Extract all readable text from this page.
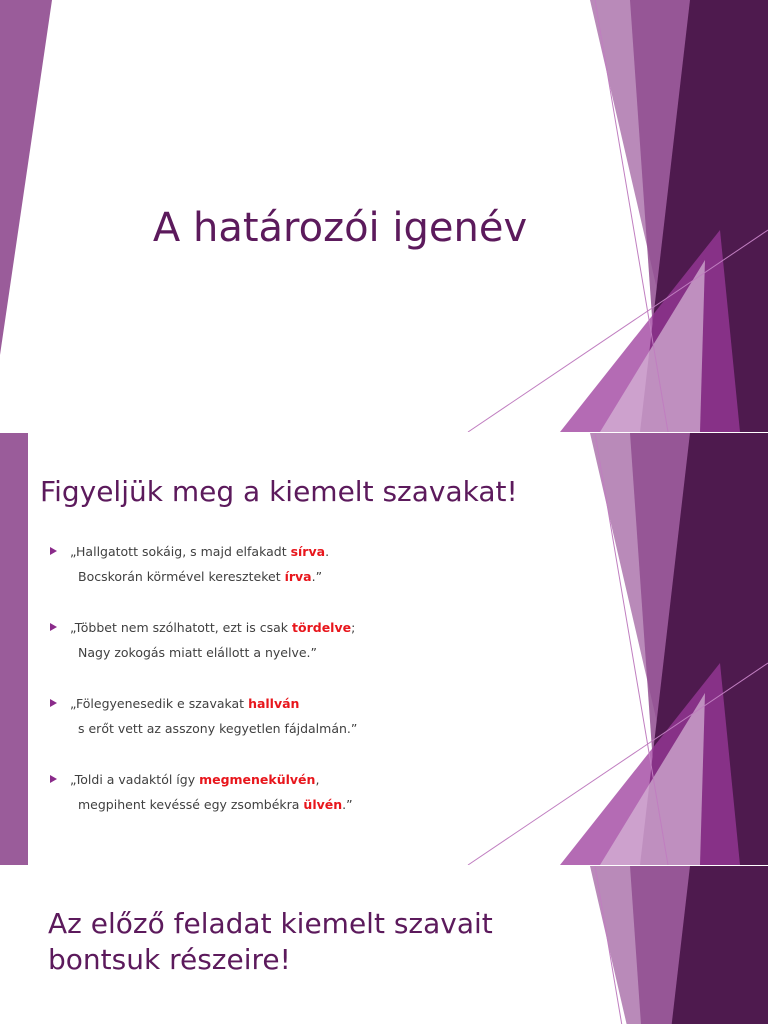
A határozói igenév
Figyeljük meg a kiemelt szavakat!
„Hallgatott sokáig, s majd elfakadt sírva.
Bocskorán körmével kereszteket írva.”
„Többet nem szólhatott, ezt is csak tördelve;
Nagy zokogás miatt elállott a nyelve.”
„Fölegyenesedik e szavakat hallván
s erőt vett az asszony kegyetlen fájdalmán.”
„Toldi a vadaktól így megmenekülvén,
megpihent kevéssé egy zsombékra ülvén.”
Az előző feladat kiemelt szavait bontsuk részeire!
